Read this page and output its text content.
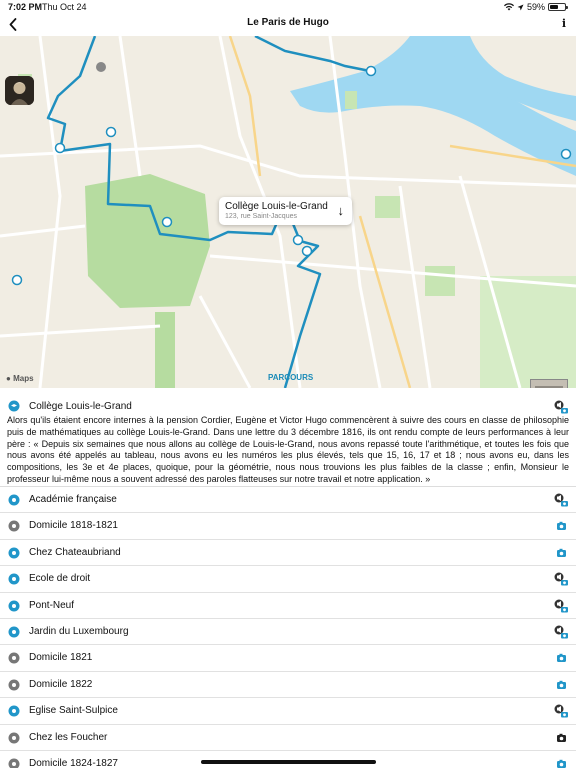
7:02 PM Thu Oct 24	59%
Le Paris de Hugo	i
Collège Louis-le-Grand
123, rue Saint-Jacques	↓
● Maps	PARCOURS
Collège Louis-le-Grand
Alors qu'ils étaient encore internes à la pension Cordier, Eugène et Victor Hugo commencèrent à suivre des cours en classe de philosophie puis de mathématiques au collège Louis-le-Grand. Dans une lettre du 3 décembre 1816, ils ont rendu compte de leurs performances à leur père : « Depuis six semaines que nous allons au collège de Louis-le-Grand, nous avons repassé toute l'arithmétique, et toutes les fois que nous avons été appelés au tableau, nous avons eu les numéros les plus élevés, tels que 15, 16, 17 et 18 ; nous avons eu, dans les compositions, les 3e et 4e places, quoique, pour la géométrie, nous nous trouvions les plus faibles de la classe ; enfin, Monsieur le professeur lui-même nous a souvent adressé des paroles flatteuses sur notre travail et notre application. »
Académie française
Domicile 1818-1821
Chez Chateaubriand
Ecole de droit
Pont-Neuf
Jardin du Luxembourg
Domicile 1821
Domicile 1822
Eglise Saint-Sulpice
Chez les Foucher
Domicile 1824-1827
